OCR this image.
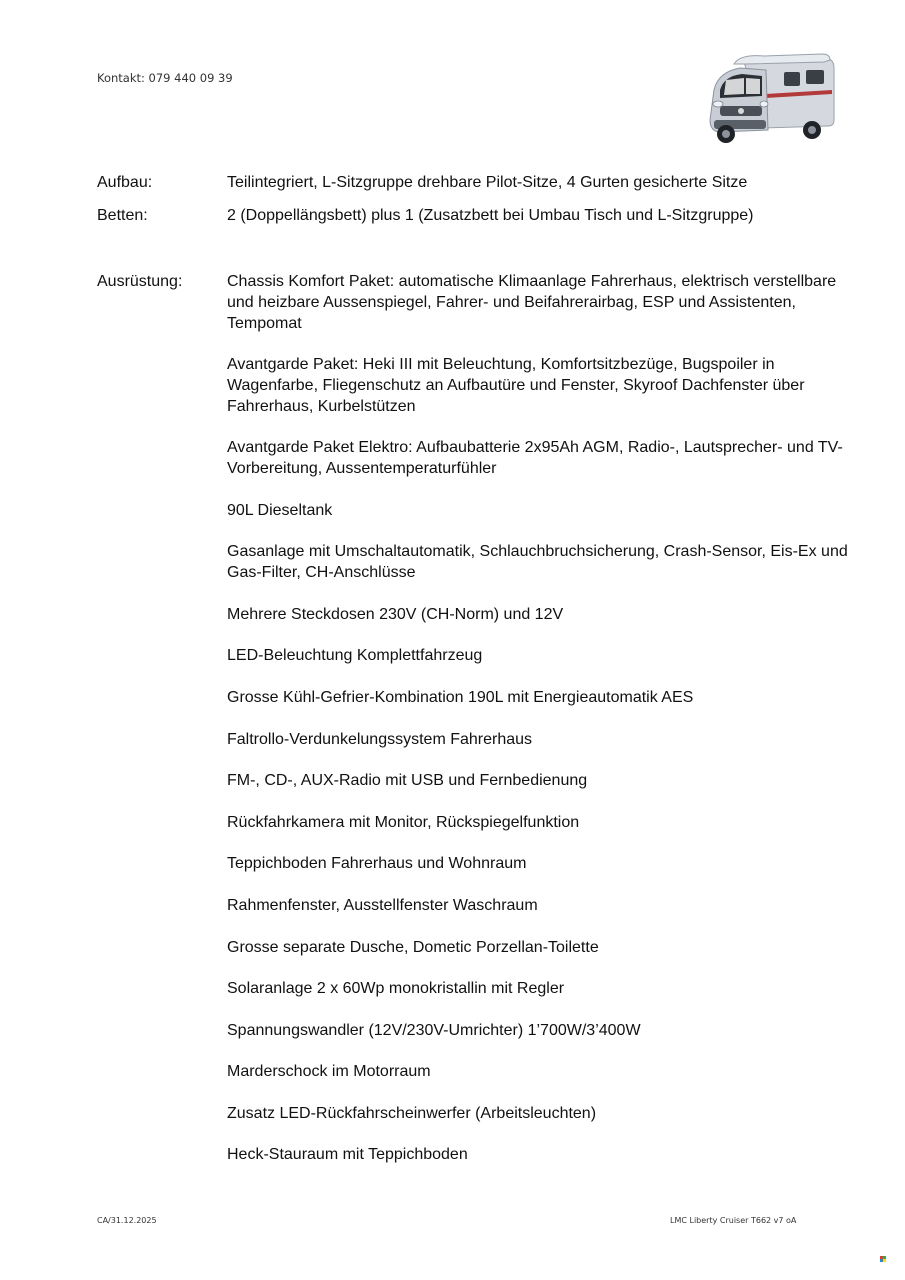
Kontakt: 079 440 09 39
Aufbau:	Teilintegriert, L-Sitzgruppe drehbare Pilot-Sitze, 4 Gurten gesicherte Sitze
Betten:	2 (Doppellängsbett) plus 1 (Zusatzbett bei Umbau Tisch und L-Sitzgruppe)
Ausrüstung:	Chassis Komfort Paket: automatische Klimaanlage Fahrerhaus, elektrisch verstellbare und heizbare Aussenspiegel, Fahrer- und Beifahrerairbag, ESP und Assistenten, Tempomat
Avantgarde Paket: Heki III mit Beleuchtung, Komfortsitzbezüge, Bugspoiler in Wagenfarbe, Fliegenschutz an Aufbautüre und Fenster, Skyroof Dachfenster über Fahrerhaus, Kurbelstützen
Avantgarde Paket Elektro: Aufbaubatterie 2x95Ah AGM, Radio-, Lautsprecher- und TV-Vorbereitung, Aussentemperaturfühler
90L Dieseltank
Gasanlage mit Umschaltautomatik, Schlauchbruchsicherung, Crash-Sensor, Eis-Ex und Gas-Filter, CH-Anschlüsse
Mehrere Steckdosen 230V (CH-Norm) und 12V
LED-Beleuchtung Komplettfahrzeug
Grosse Kühl-Gefrier-Kombination 190L mit Energieautomatik AES
Faltrollo-Verdunkelungssystem Fahrerhaus
FM-, CD-, AUX-Radio mit USB und Fernbedienung
Rückfahrkamera mit Monitor, Rückspiegelfunktion
Teppichboden Fahrerhaus und Wohnraum
Rahmenfenster, Ausstellfenster Waschraum
Grosse separate Dusche, Dometic Porzellan-Toilette
Solaranlage 2 x 60Wp monokristallin mit Regler
Spannungswandler (12V/230V-Umrichter) 1’700W/3’400W
Marderschock im Motorraum
Zusatz LED-Rückfahrscheinwerfer (Arbeitsleuchten)
Heck-Stauraum mit Teppichboden
CA/31.12.2025	LMC Liberty Cruiser T662 v7 oA
